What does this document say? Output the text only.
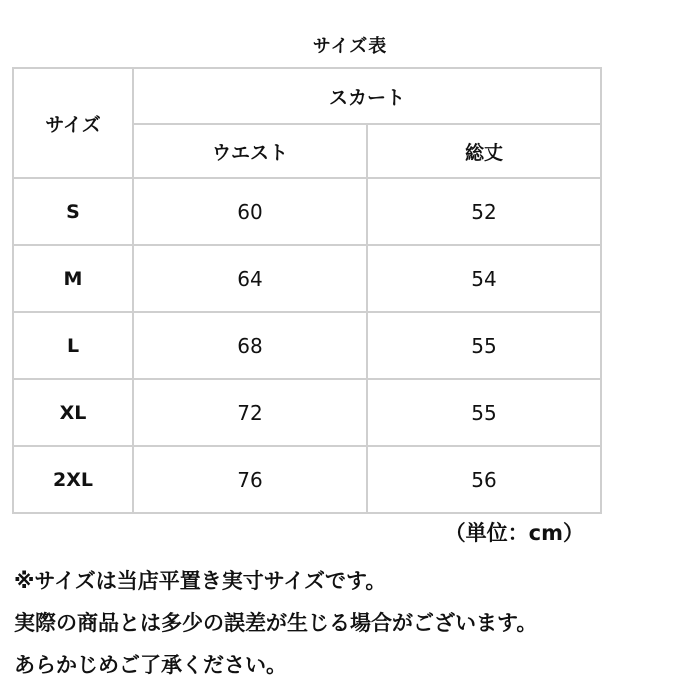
サイズ表
サイズ	スカート	
	ウエスト	総丈
S	60	52
M	64	54
L	68	55
XL	72	55
2XL	76	56
（単位：cm）
※サイズは当店平置き実寸サイズです。
実際の商品とは多少の誤差が生じる場合がございます。
あらかじめご了承ください。
